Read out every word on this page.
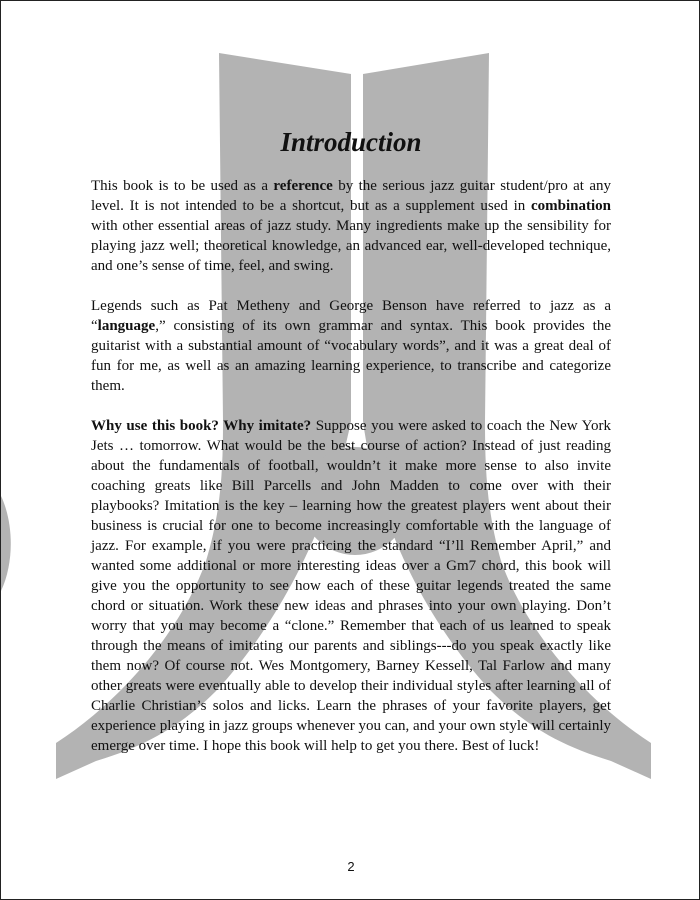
Introduction

This book is to be used as a reference by the serious jazz guitar student/pro at any level. It is not intended to be a shortcut, but as a supplement used in combination with other essential areas of jazz study. Many ingredients make up the sensibility for playing jazz well; theoretical knowledge, an advanced ear, well-developed technique, and one’s sense of time, feel, and swing.

Legends such as Pat Metheny and George Benson have referred to jazz as a “language,” consisting of its own grammar and syntax. This book provides the guitarist with a substantial amount of “vocabulary words”, and it was a great deal of fun for me, as well as an amazing learning experience, to transcribe and categorize them.

Why use this book? Why imitate? Suppose you were asked to coach the New York Jets … tomorrow. What would be the best course of action? Instead of just reading about the fundamentals of football, wouldn’t it make more sense to also invite coaching greats like Bill Parcells and John Madden to come over with their playbooks? Imitation is the key – learning how the greatest players went about their business is crucial for one to become increasingly comfortable with the language of jazz. For example, if you were practicing the standard “I’ll Remember April,” and wanted some additional or more interesting ideas over a Gm7 chord, this book will give you the opportunity to see how each of these guitar legends treated the same chord or situation. Work these new ideas and phrases into your own playing. Don’t worry that you may become a “clone.” Remember that each of us learned to speak through the means of imitating our parents and siblings---do you speak exactly like them now? Of course not. Wes Montgomery, Barney Kessell, Tal Farlow and many other greats were eventually able to develop their individual styles after learning all of Charlie Christian’s solos and licks. Learn the phrases of your favorite players, get experience playing in jazz groups whenever you can, and your own style will certainly emerge over time. I hope this book will help to get you there. Best of luck!

2
